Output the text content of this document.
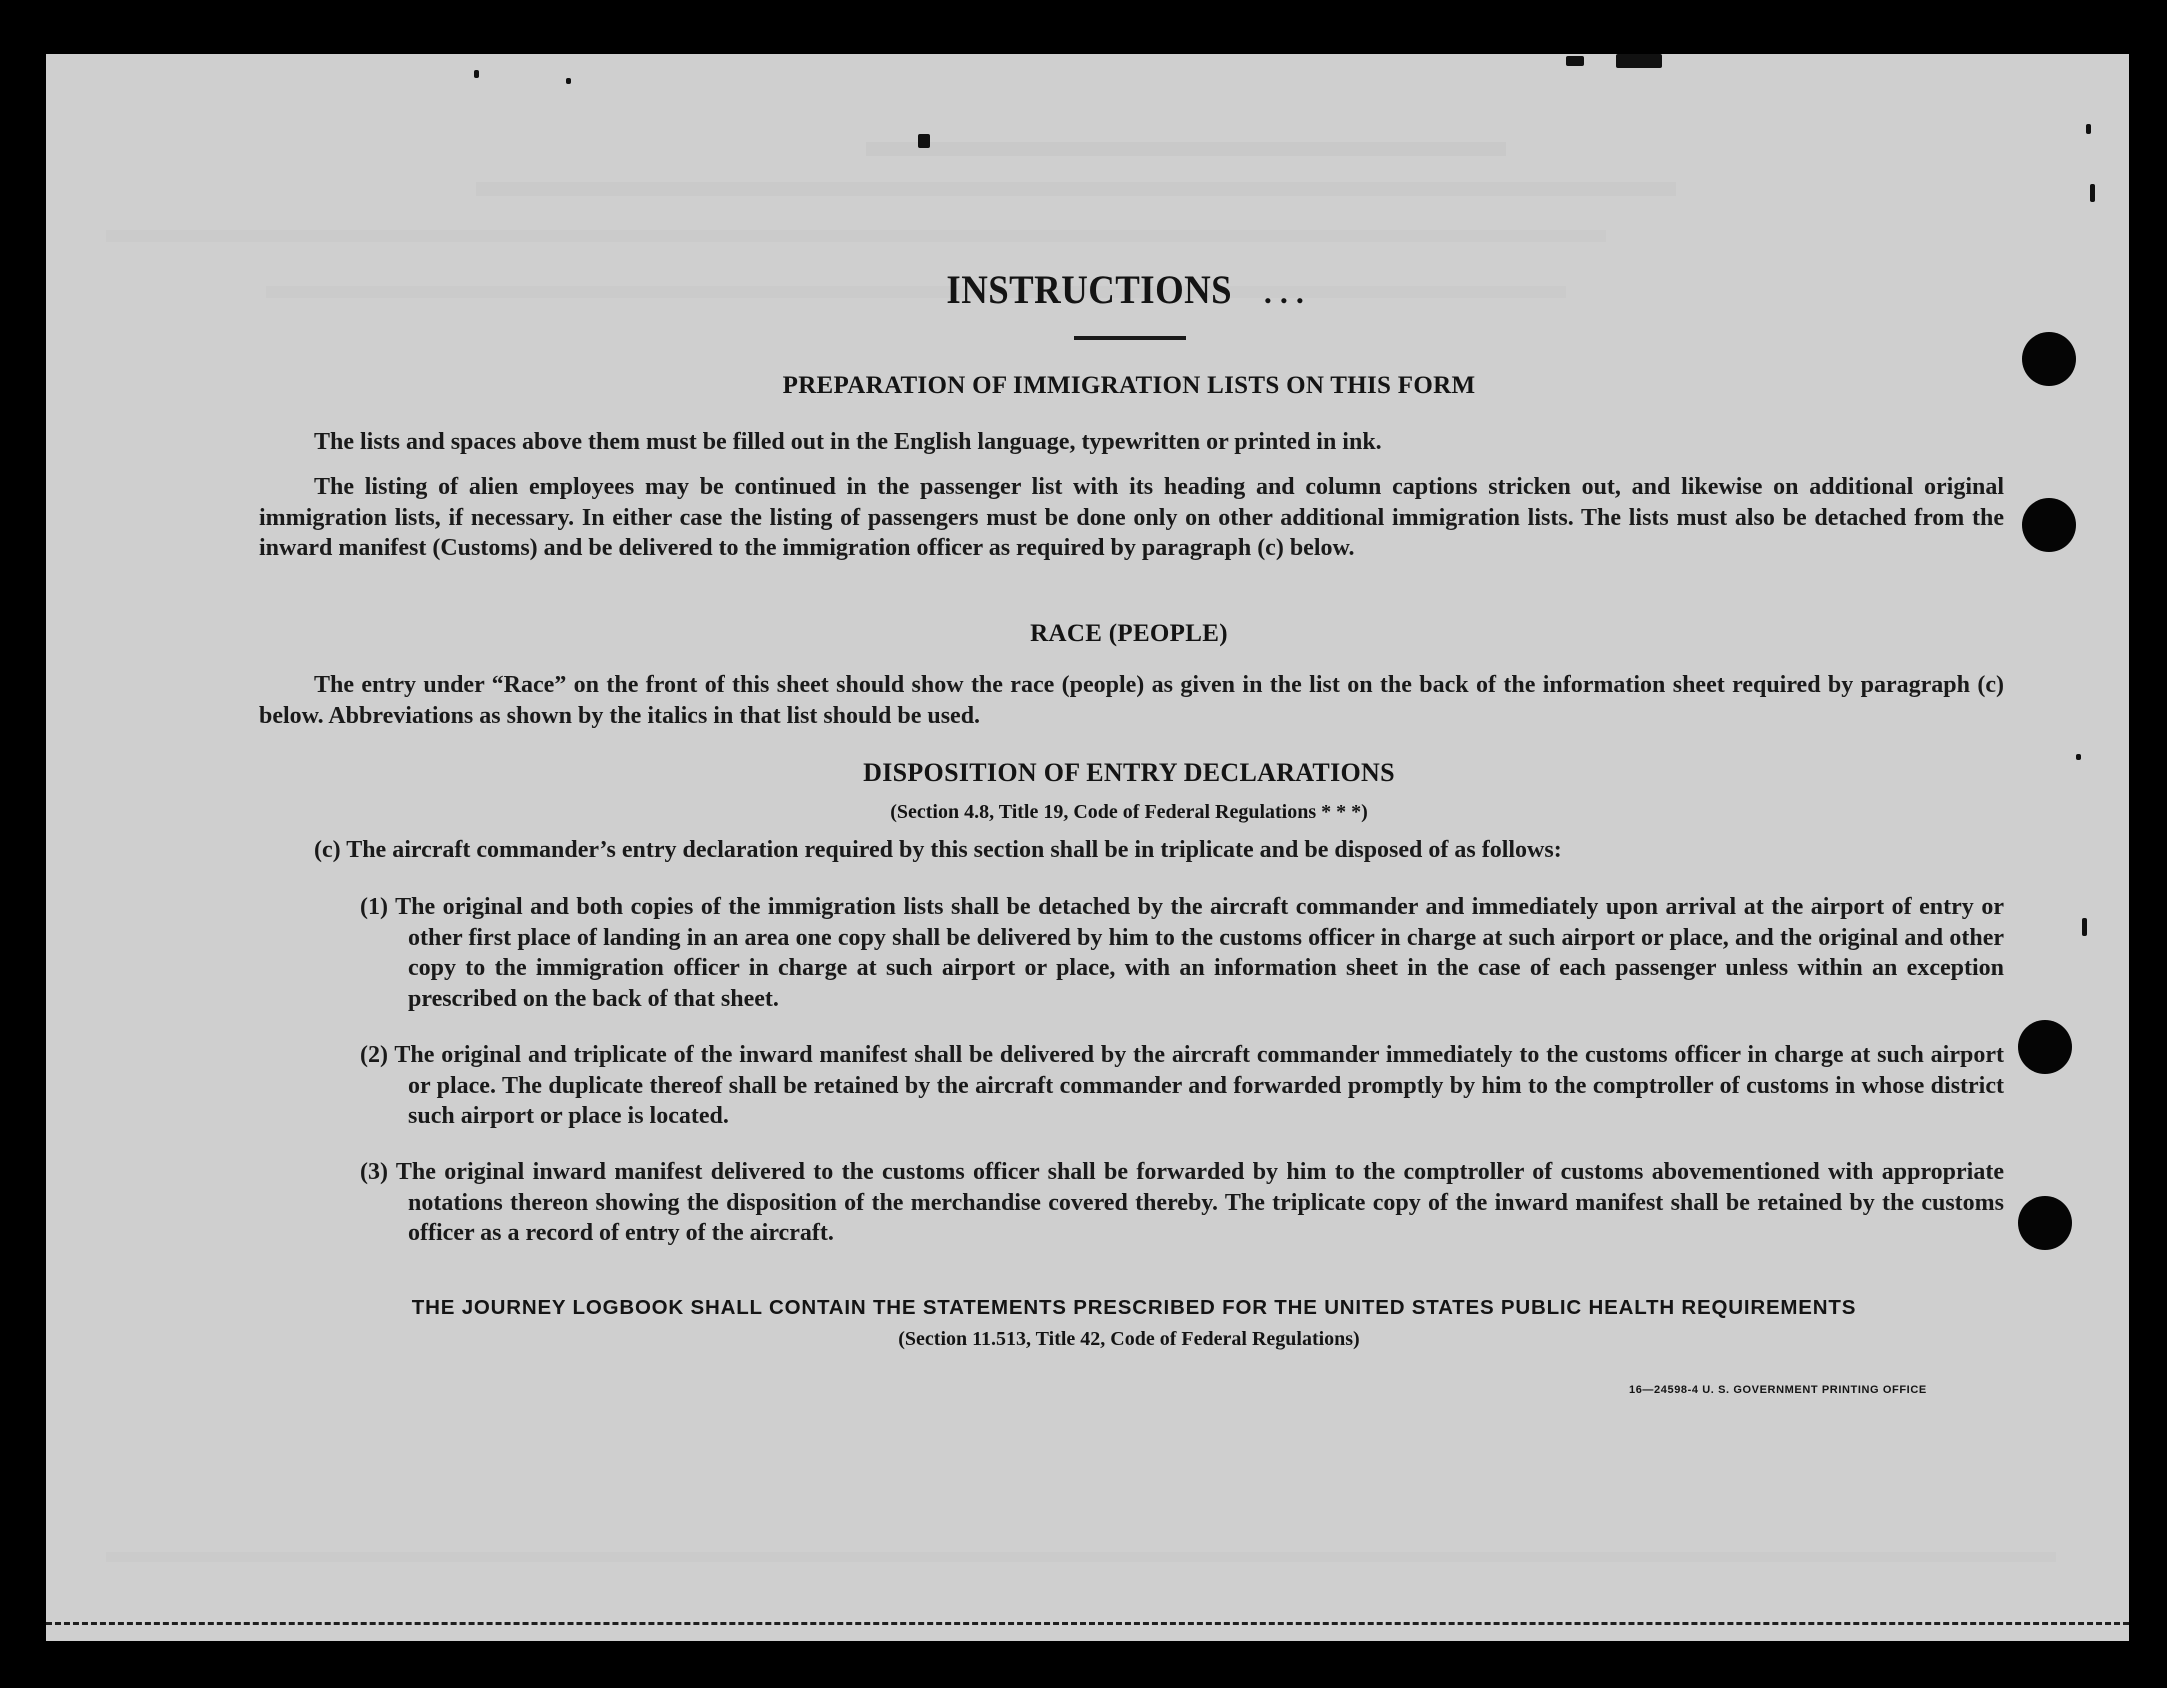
INSTRUCTIONS . . .
PREPARATION OF IMMIGRATION LISTS ON THIS FORM
The lists and spaces above them must be filled out in the English language, typewritten or printed in ink.
The listing of alien employees may be continued in the passenger list with its heading and column captions stricken out, and likewise on additional original immigration lists, if necessary. In either case the listing of passengers must be done only on other additional immigration lists. The lists must also be detached from the inward manifest (Customs) and be delivered to the immigration officer as required by paragraph (c) below.
RACE (PEOPLE)
The entry under “Race” on the front of this sheet should show the race (people) as given in the list on the back of the information sheet required by paragraph (c) below. Abbreviations as shown by the italics in that list should be used.
DISPOSITION OF ENTRY DECLARATIONS
(Section 4.8, Title 19, Code of Federal Regulations * * *)
(c) The aircraft commander’s entry declaration required by this section shall be in triplicate and be disposed of as follows:
(1) The original and both copies of the immigration lists shall be detached by the aircraft commander and immediately upon arrival at the airport of entry or other first place of landing in an area one copy shall be delivered by him to the customs officer in charge at such airport or place, and the original and other copy to the immigration officer in charge at such airport or place, with an information sheet in the case of each passenger unless within an exception prescribed on the back of that sheet.
(2) The original and triplicate of the inward manifest shall be delivered by the aircraft commander immediately to the customs officer in charge at such airport or place. The duplicate thereof shall be retained by the aircraft commander and forwarded promptly by him to the comptroller of customs in whose district such airport or place is located.
(3) The original inward manifest delivered to the customs officer shall be forwarded by him to the comptroller of customs abovementioned with appropriate notations thereon showing the disposition of the merchandise covered thereby. The triplicate copy of the inward manifest shall be retained by the customs officer as a record of entry of the aircraft.
THE JOURNEY LOGBOOK SHALL CONTAIN THE STATEMENTS PRESCRIBED FOR THE UNITED STATES PUBLIC HEALTH REQUIREMENTS
(Section 11.513, Title 42, Code of Federal Regulations)
16—24598-4 U. S. GOVERNMENT PRINTING OFFICE
